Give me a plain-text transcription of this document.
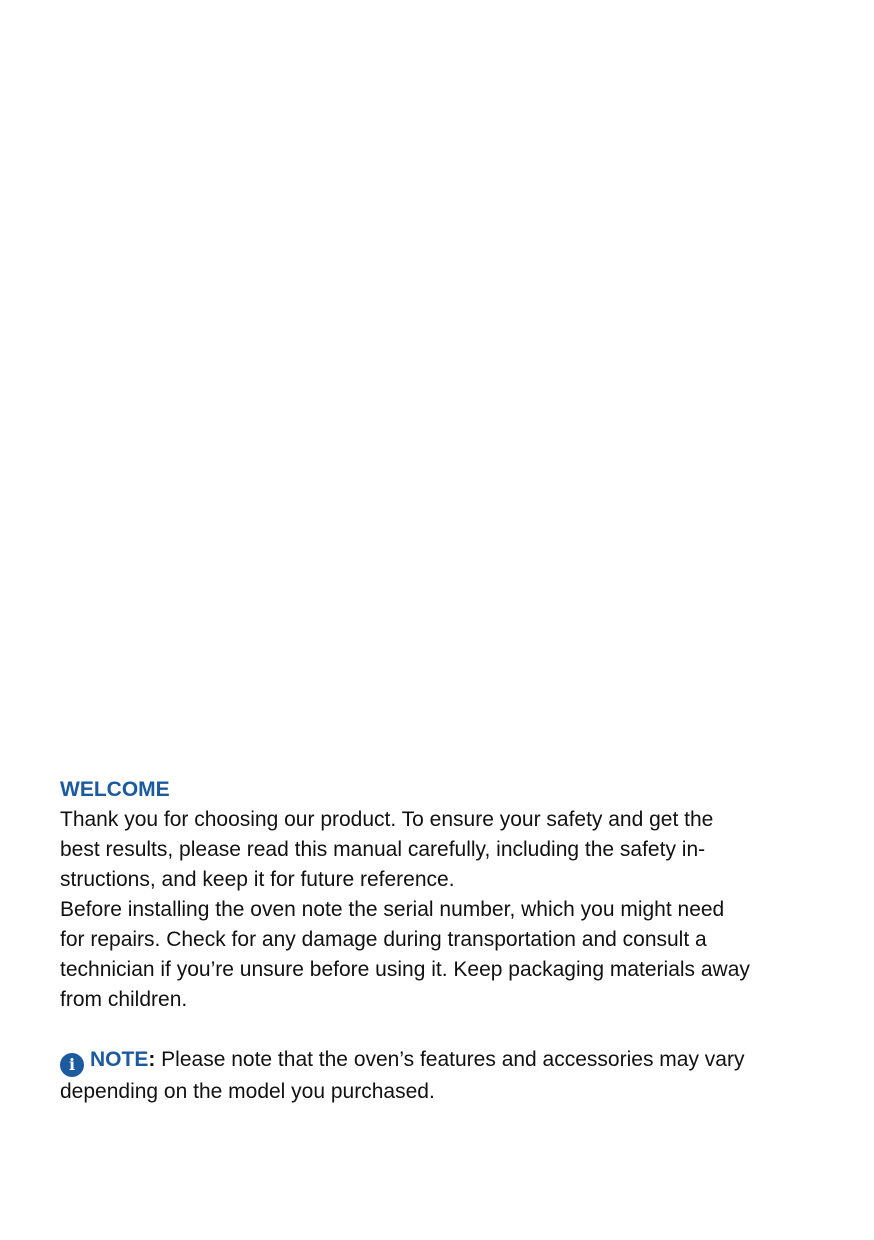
WELCOME
Thank you for choosing our product. To ensure your safety and get the
best results, please read this manual carefully, including the safety in-
structions, and keep it for future reference.
Before installing the oven note the serial number, which you might need
for repairs. Check for any damage during transportation and consult a
technician if you’re unsure before using it. Keep packaging materials away
from children.
i NOTE: Please note that the oven’s features and accessories may vary
depending on the model you purchased.
